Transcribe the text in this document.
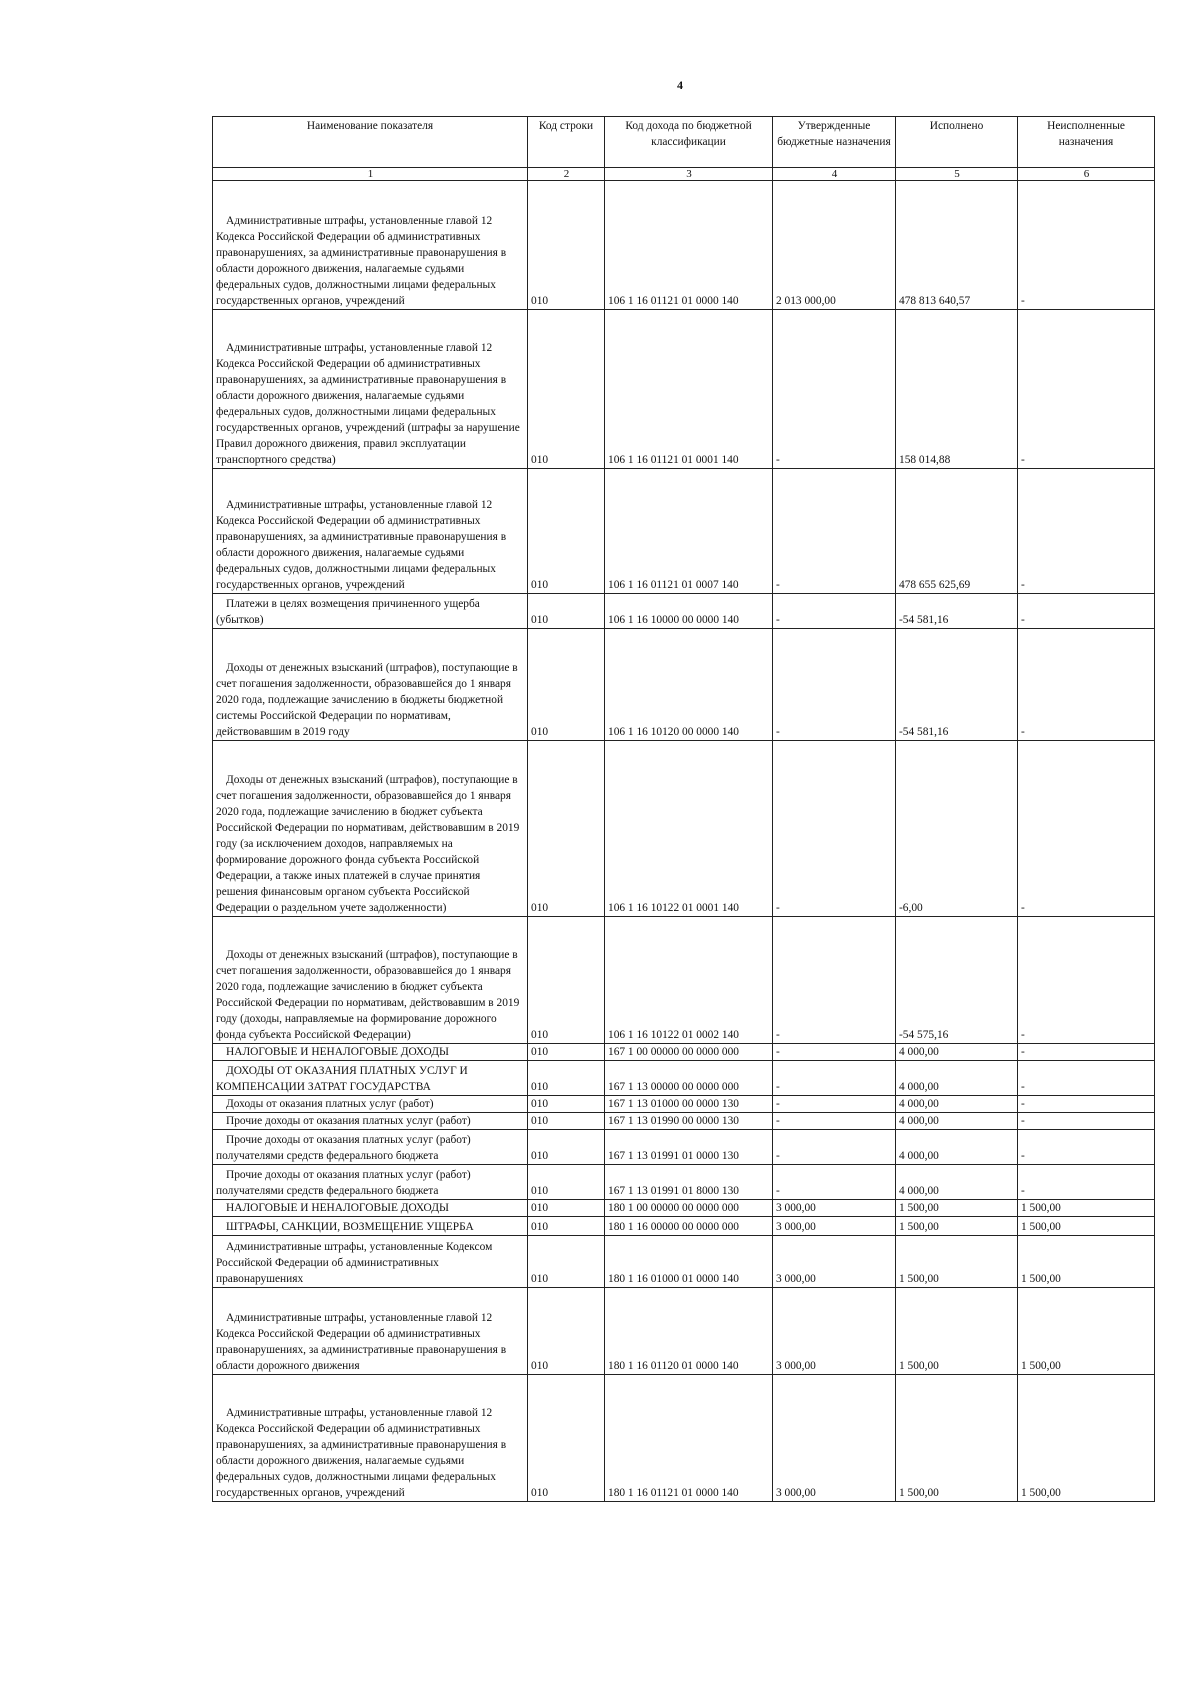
4
Наименование показателя	Код строки	Код дохода по бюджетной классификации	Утвержденные бюджетные назначения	Исполнено	Неисполненные назначения
1	2	3	4	5	6
Административные штрафы, установленные главой 12 Кодекса Российской Федерации об административных правонарушениях, за административные правонарушения в области дорожного движения, налагаемые судьями федеральных судов, должностными лицами федеральных государственных органов, учреждений	010	106 1 16 01121 01 0000 140	2 013 000,00	478 813 640,57	-
Административные штрафы, установленные главой 12 Кодекса Российской Федерации об административных правонарушениях, за административные правонарушения в области дорожного движения, налагаемые судьями федеральных судов, должностными лицами федеральных государственных органов, учреждений (штрафы за нарушение Правил дорожного движения, правил эксплуатации транспортного средства)	010	106 1 16 01121 01 0001 140	-	158 014,88	-
Административные штрафы, установленные главой 12 Кодекса Российской Федерации об административных правонарушениях, за административные правонарушения в области дорожного движения, налагаемые судьями федеральных судов, должностными лицами федеральных государственных органов, учреждений	010	106 1 16 01121 01 0007 140	-	478 655 625,69	-
Платежи в целях возмещения причиненного ущерба (убытков)	010	106 1 16 10000 00 0000 140	-	-54 581,16	-
Доходы от денежных взысканий (штрафов), поступающие в счет погашения задолженности, образовавшейся до 1 января 2020 года, подлежащие зачислению в бюджеты бюджетной системы Российской Федерации по нормативам, действовавшим в 2019 году	010	106 1 16 10120 00 0000 140	-	-54 581,16	-
Доходы от денежных взысканий (штрафов), поступающие в счет погашения задолженности, образовавшейся до 1 января 2020 года, подлежащие зачислению в бюджет субъекта Российской Федерации по нормативам, действовавшим в 2019 году (за исключением доходов, направляемых на формирование дорожного фонда субъекта Российской Федерации, а также иных платежей в случае принятия решения финансовым органом субъекта Российской Федерации о раздельном учете задолженности)	010	106 1 16 10122 01 0001 140	-	-6,00	-
Доходы от денежных взысканий (штрафов), поступающие в счет погашения задолженности, образовавшейся до 1 января 2020 года, подлежащие зачислению в бюджет субъекта Российской Федерации по нормативам, действовавшим в 2019 году (доходы, направляемые на формирование дорожного фонда субъекта Российской Федерации)	010	106 1 16 10122 01 0002 140	-	-54 575,16	-
НАЛОГОВЫЕ И НЕНАЛОГОВЫЕ ДОХОДЫ	010	167 1 00 00000 00 0000 000	-	4 000,00	-
ДОХОДЫ ОТ ОКАЗАНИЯ ПЛАТНЫХ УСЛУГ И КОМПЕНСАЦИИ ЗАТРАТ ГОСУДАРСТВА	010	167 1 13 00000 00 0000 000	-	4 000,00	-
Доходы от оказания платных услуг (работ)	010	167 1 13 01000 00 0000 130	-	4 000,00	-
Прочие доходы от оказания платных услуг (работ)	010	167 1 13 01990 00 0000 130	-	4 000,00	-
Прочие доходы от оказания платных услуг (работ) получателями средств федерального бюджета	010	167 1 13 01991 01 0000 130	-	4 000,00	-
Прочие доходы от оказания платных услуг (работ) получателями средств федерального бюджета	010	167 1 13 01991 01 8000 130	-	4 000,00	-
НАЛОГОВЫЕ И НЕНАЛОГОВЫЕ ДОХОДЫ	010	180 1 00 00000 00 0000 000	3 000,00	1 500,00	1 500,00
ШТРАФЫ, САНКЦИИ, ВОЗМЕЩЕНИЕ УЩЕРБА	010	180 1 16 00000 00 0000 000	3 000,00	1 500,00	1 500,00
Административные штрафы, установленные Кодексом Российской Федерации об административных правонарушениях	010	180 1 16 01000 01 0000 140	3 000,00	1 500,00	1 500,00
Административные штрафы, установленные главой 12 Кодекса Российской Федерации об административных правонарушениях, за административные правонарушения в области дорожного движения	010	180 1 16 01120 01 0000 140	3 000,00	1 500,00	1 500,00
Административные штрафы, установленные главой 12 Кодекса Российской Федерации об административных правонарушениях, за административные правонарушения в области дорожного движения, налагаемые судьями федеральных судов, должностными лицами федеральных государственных органов, учреждений	010	180 1 16 01121 01 0000 140	3 000,00	1 500,00	1 500,00
